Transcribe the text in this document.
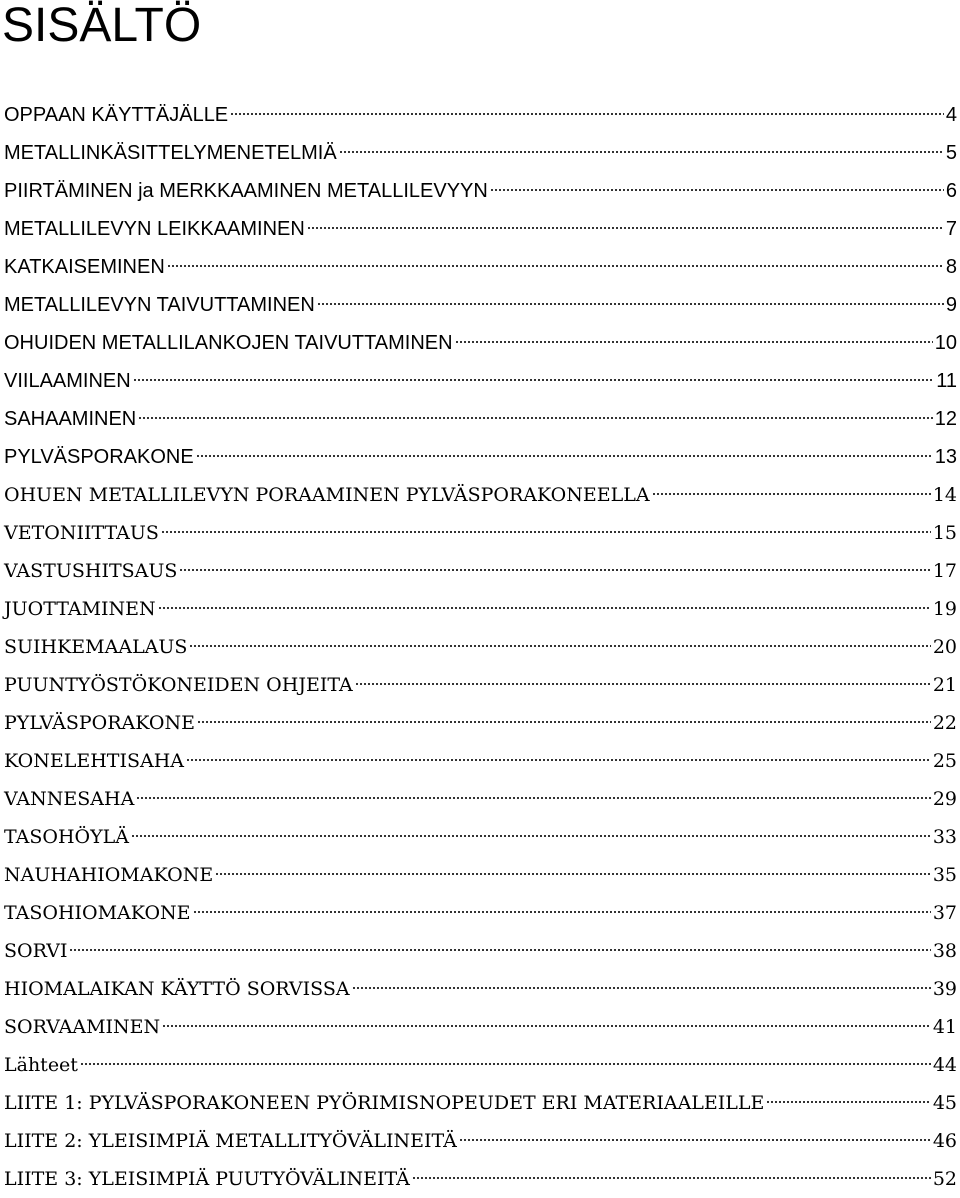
SISÄLTÖ
OPPAAN KÄYTTÄJÄLLE	4
METALLINKÄSITTELYMENETELMIÄ	5
PIIRTÄMINEN ja MERKKAAMINEN METALLILEVYYN	6
METALLILEVYN LEIKKAAMINEN	7
KATKAISEMINEN	8
METALLILEVYN TAIVUTTAMINEN	9
OHUIDEN METALLILANKOJEN TAIVUTTAMINEN	10
VIILAAMINEN	11
SAHAAMINEN	12
PYLVÄSPORAKONE	13
OHUEN METALLILEVYN PORAAMINEN PYLVÄSPORAKONEELLA	14
VETONIITTAUS	15
VASTUSHITSAUS	17
JUOTTAMINEN	19
SUIHKEMAALAUS	20
PUUNTYÖSTÖKONEIDEN OHJEITA	21
PYLVÄSPORAKONE	22
KONELEHTISAHA	25
VANNESAHA	29
TASOHÖYLÄ	33
NAUHAHIOMAKONE	35
TASOHIOMAKONE	37
SORVI	38
HIOMALAIKAN KÄYTTÖ SORVISSA	39
SORVAAMINEN	41
Lähteet	44
LIITE 1: PYLVÄSPORAKONEEN PYÖRIMISNOPEUDET ERI MATERIAALEILLE	45
LIITE 2: YLEISIMPIÄ METALLITYÖVÄLINEITÄ	46
LIITE 3: YLEISIMPIÄ PUUTYÖVÄLINEITÄ	52
